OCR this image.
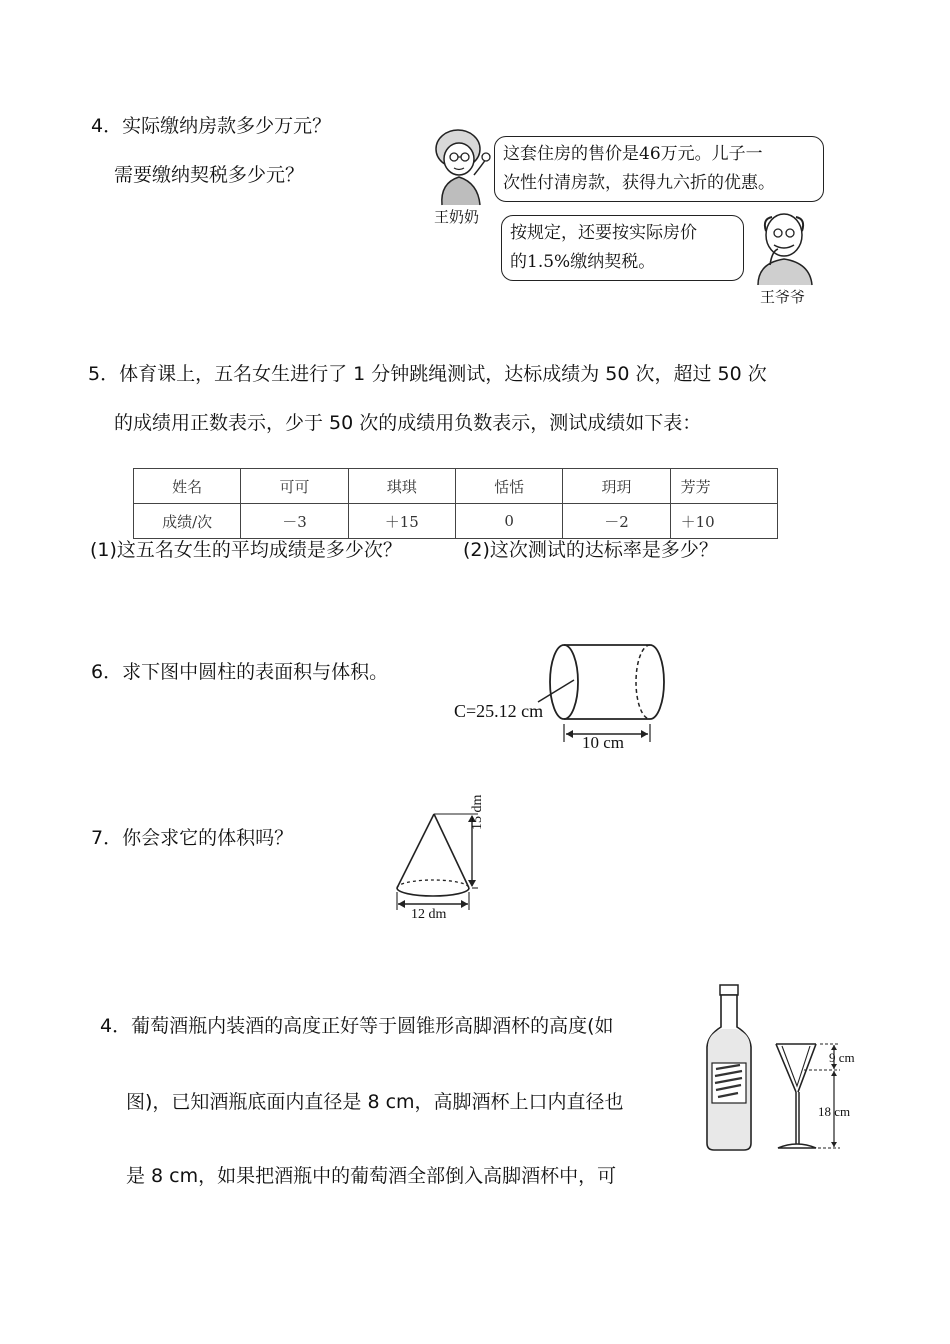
4．实际缴纳房款多少万元？
需要缴纳契税多少元？
王奶奶
这套住房的售价是46万元。儿子一
次性付清房款，获得九六折的优惠。
按规定，还要按实际房价
的1.5%缴纳契税。
王爷爷
5．体育课上，五名女生进行了 1 分钟跳绳测试，达标成绩为 50 次，超过 50 次
的成绩用正数表示，少于 50 次的成绩用负数表示，测试成绩如下表：
姓名	可可	琪琪	恬恬	玥玥	芳芳
成绩/次	－3	＋15	0	－2	＋10
(1)这五名女生的平均成绩是多少次？	(2)这次测试的达标率是多少？
6．求下图中圆柱的表面积与体积。
C=25.12 cm
10 cm
7．你会求它的体积吗？
15 dm
12 dm
4．葡萄酒瓶内装酒的高度正好等于圆锥形高脚酒杯的高度(如
图)，已知酒瓶底面内直径是 8 cm，高脚酒杯上口内直径也
是 8 cm，如果把酒瓶中的葡萄酒全部倒入高脚酒杯中，可
9 cm
18 cm
